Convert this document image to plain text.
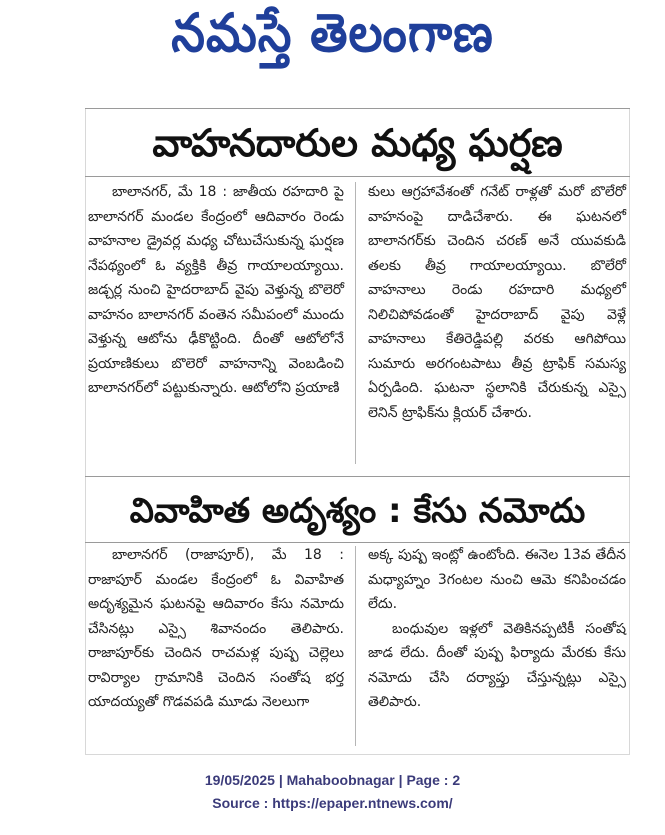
నమస్తే తెలంగాణ
వాహనదారుల మధ్య ఘర్షణ

బాలానగర్, మే 18 : జాతీయ రహదారి పై బాలానగర్ మండల కేంద్రంలో ఆదివారం రెండు వాహనాల డ్రైవర్ల మధ్య చోటుచేసుకున్న ఘర్షణ నేపథ్యంలో ఓ వ్యక్తికి తీవ్ర గాయాలయ్యాయి. జడ్చర్ల నుంచి హైదరాబాద్ వైపు వెళ్తున్న బొలెరో వాహనం బాలానగర్ వంతెన సమీపంలో ముందు వెళ్తున్న ఆటోను ఢీకొట్టింది. దీంతో ఆటోలోనే ప్రయాణికులు బొలెరో వాహనాన్ని వెంబడించి బాలానగర్‌లో పట్టుకున్నారు. ఆటోలోని ప్రయాణి

కులు ఆగ్రహావేశంతో గనేట్ రాళ్లతో మరో బొలేరో వాహనంపై దాడిచేశారు. ఈ ఘటనలో బాలానగర్‌కు చెందిన చరణ్ అనే యువకుడి తలకు తీవ్ర గాయాలయ్యాయి. బొలేరో వాహనాలు రెండు రహదారి మధ్యలో నిలిచిపోవడంతో హైదరాబాద్ వైపు వెళ్లే వాహనాలు కేతిరెడ్డిపల్లి వరకు ఆగిపోయి సుమారు అరగంటపాటు తీవ్ర ట్రాఫిక్ సమస్య ఏర్పడింది. ఘటనా స్థలానికి చేరుకున్న ఎస్సై లెనిన్ ట్రాఫిక్‌ను క్లియర్ చేశారు.

వివాహిత అదృశ్యం : కేసు నమోదు

బాలానగర్ (రాజాపూర్), మే 18 : రాజాపూర్ మండల కేంద్రంలో ఓ వివాహిత అదృశ్యమైన ఘటనపై ఆదివారం కేసు నమోదు చేసినట్లు ఎస్సై శివానందం తెలిపారు. రాజాపూర్‌కు చెందిన రాచమళ్ల పుష్ప చెల్లెలు రావిర్యాల గ్రామానికి చెందిన సంతోష భర్త యాదయ్యతో గొడవపడి మూడు నెలలుగా

అక్క పుష్ప ఇంట్లో ఉంటోంది. ఈనెల 13వ తేదీన మధ్యాహ్నం 3గంటల నుంచి ఆమె కనిపించడం లేదు.

బంధువుల ఇళ్లలో వెతికినప్పటికీ సంతోష జాడ లేదు. దీంతో పుష్ప ఫిర్యాదు మేరకు కేసు నమోదు చేసి దర్యాప్తు చేస్తున్నట్లు ఎస్సై తెలిపారు.

19/05/2025 | Mahaboobnagar | Page : 2
Source : https://epaper.ntnews.com/
